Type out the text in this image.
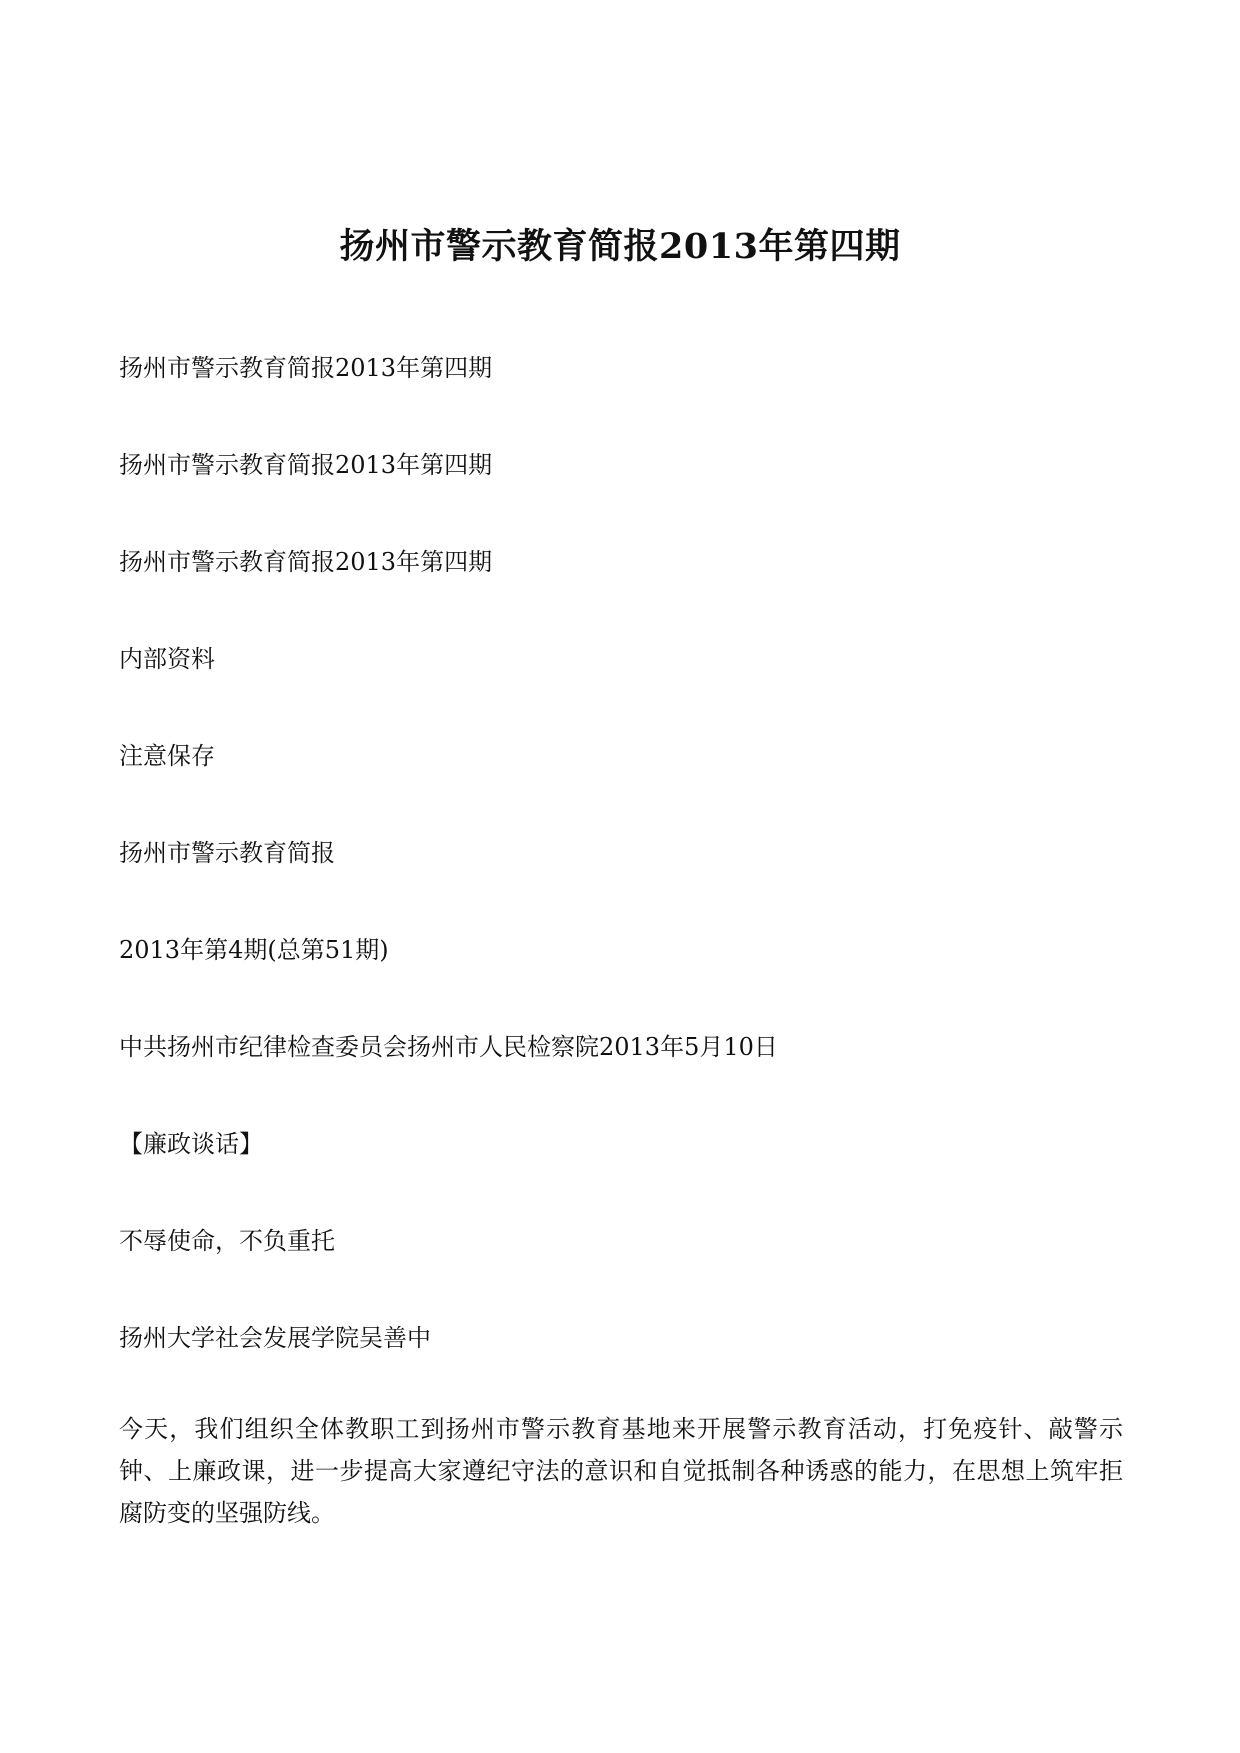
扬州市警示教育简报2013年第四期
扬州市警示教育简报2013年第四期
扬州市警示教育简报2013年第四期
扬州市警示教育简报2013年第四期
内部资料
注意保存
扬州市警示教育简报
2013年第4期(总第51期)
中共扬州市纪律检查委员会扬州市人民检察院2013年5月10日
【廉政谈话】
不辱使命，不负重托
扬州大学社会发展学院吴善中
今天，我们组织全体教职工到扬州市警示教育基地来开展警示教育活动，打免疫针、敲警示钟、上廉政课，进一步提高大家遵纪守法的意识和自觉抵制各种诱惑的能力，在思想上筑牢拒腐防变的坚强防线。
